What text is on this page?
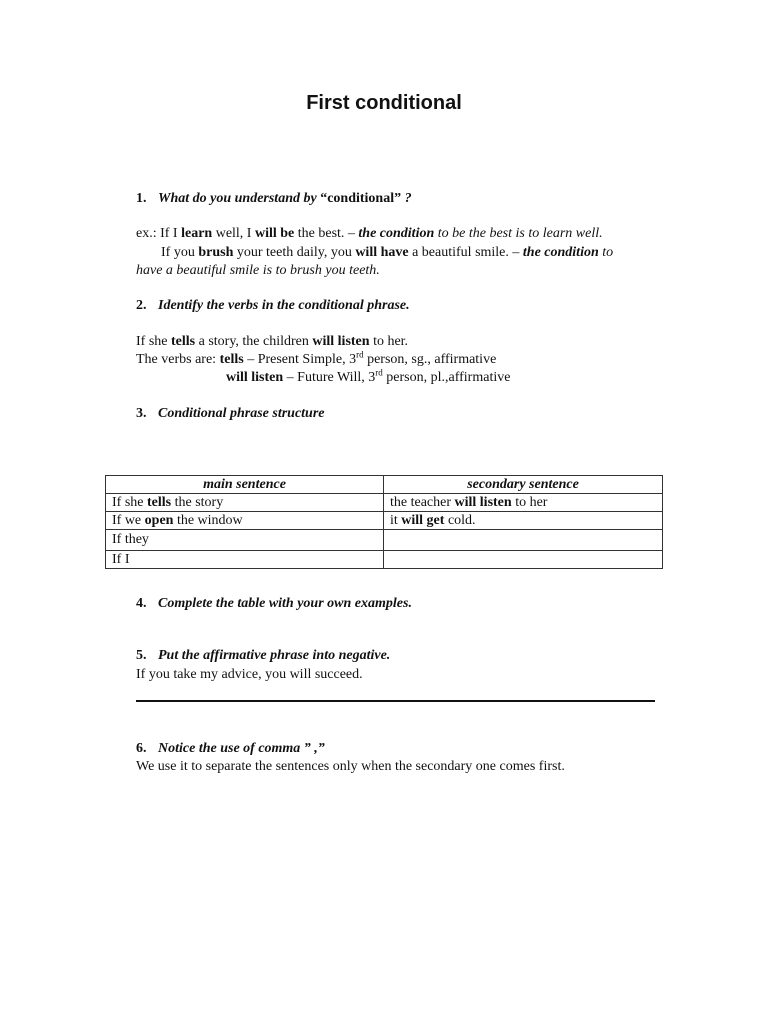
First conditional
1. What do you understand by “conditional” ?
ex.: If I learn well, I will be the best. – the condition to be the best is to learn well.
If you brush your teeth daily, you will have a beautiful smile. – the condition to
have a beautiful smile is to brush you teeth.
2. Identify the verbs in the conditional phrase.
If she tells a story, the children will listen to her.
The verbs are: tells – Present Simple, 3rd person, sg., affirmative
will listen – Future Will, 3rd person, pl.,affirmative
3. Conditional phrase structure
main sentence	secondary sentence
If she tells the story	the teacher will listen to her
If we open the window	it will get cold.
If they	
If I	
4. Complete the table with your own examples.
5. Put the affirmative phrase into negative.
If you take my advice, you will succeed.
6. Notice the use of comma ” ,”
We use it to separate the sentences only when the secondary one comes first.
